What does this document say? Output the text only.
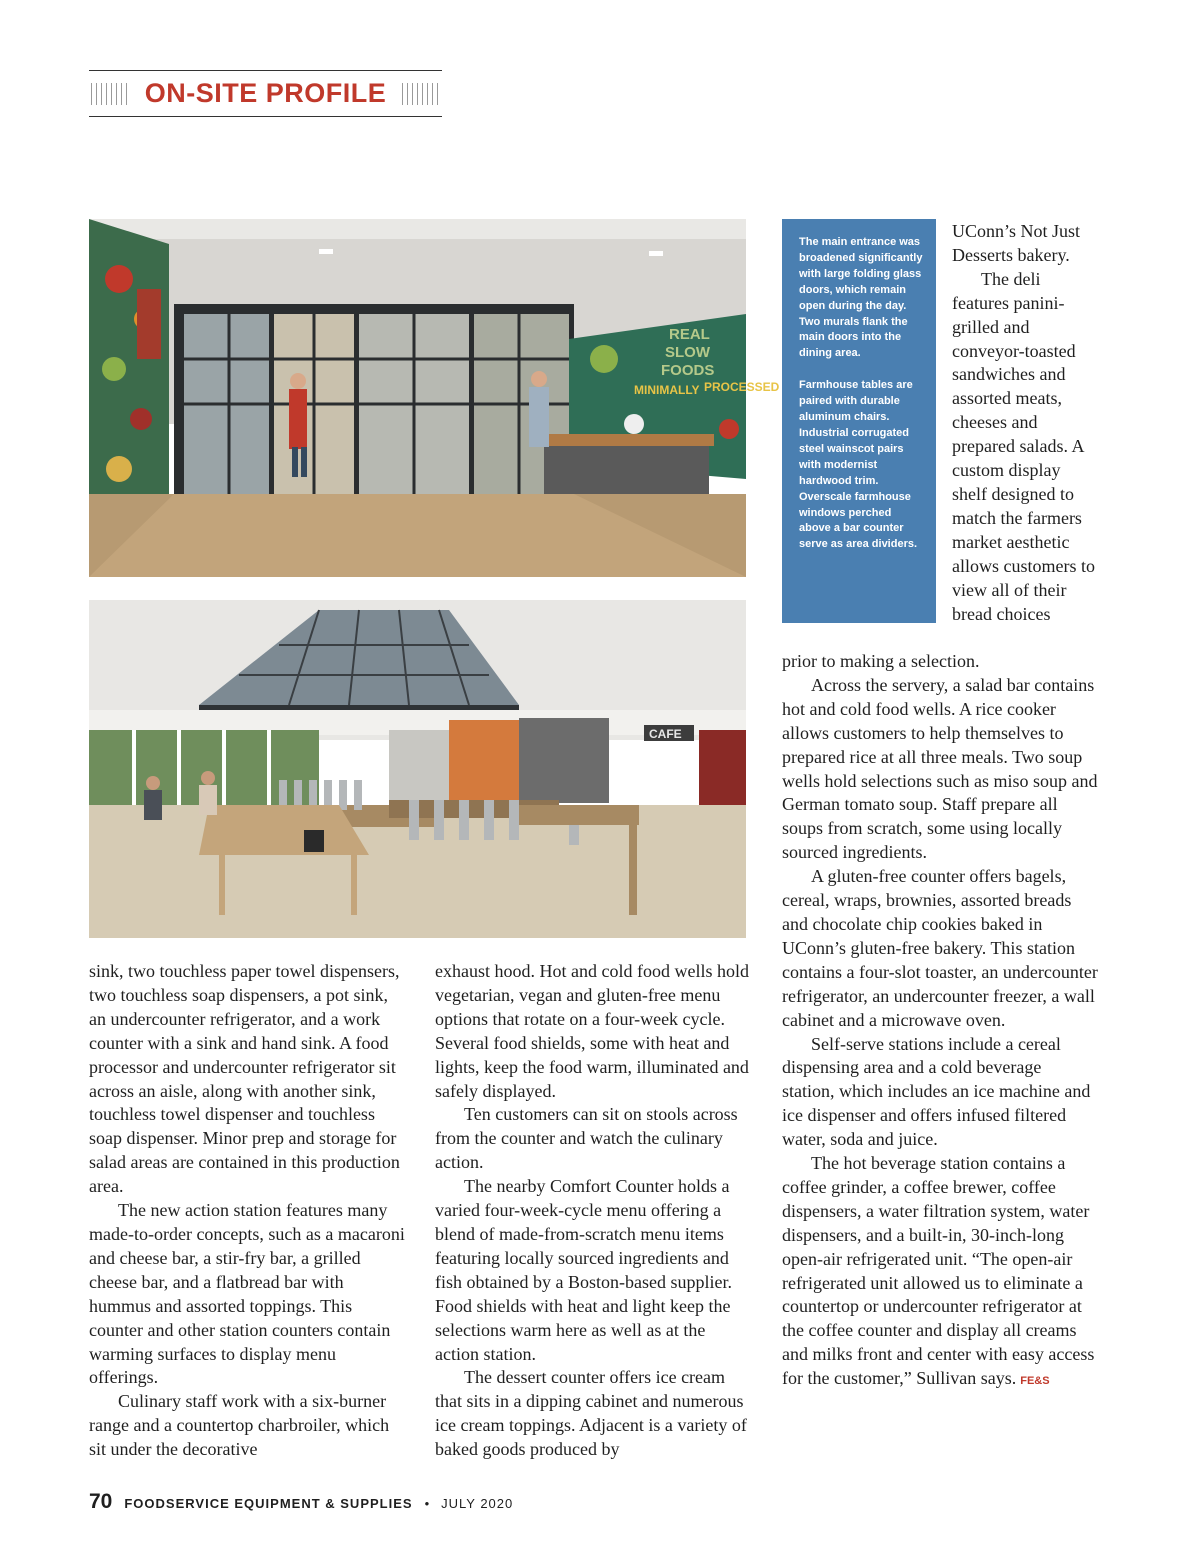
ON-SITE PROFILE
REAL
SLOW
FOODS
MINIMALLY PROCESSED
CAFE

The main entrance was broadened significantly with large folding glass doors, which remain open during the day. Two murals flank the main doors into the dining area.

Farmhouse tables are paired with durable aluminum chairs. Industrial corrugated steel wainscot pairs with modernist hardwood trim. Overscale farmhouse windows perched above a bar counter serve as area dividers.

sink, two touchless paper towel dispensers, two touchless soap dispensers, a pot sink, an undercounter refrigerator, and a work counter with a sink and hand sink. A food processor and undercounter refrigerator sit across an aisle, along with another sink, touchless towel dispenser and touchless soap dispenser. Minor prep and storage for salad areas are contained in this production area.

The new action station features many made-to-order concepts, such as a macaroni and cheese bar, a stir-fry bar, a grilled cheese bar, and a flatbread bar with hummus and assorted toppings. This counter and other station counters contain warming surfaces to display menu offerings.

Culinary staff work with a six-burner range and a countertop charbroiler, which sit under the decorative

exhaust hood. Hot and cold food wells hold vegetarian, vegan and gluten-free menu options that rotate on a four-week cycle. Several food shields, some with heat and lights, keep the food warm, illuminated and safely displayed.

Ten customers can sit on stools across from the counter and watch the culinary action.

The nearby Comfort Counter holds a varied four-week-cycle menu offering a blend of made-from-scratch menu items featuring locally sourced ingredients and fish obtained by a Boston-based supplier. Food shields with heat and light keep the selections warm here as well as at the action station.

The dessert counter offers ice cream that sits in a dipping cabinet and numerous ice cream toppings. Adjacent is a variety of baked goods produced by

UConn’s Not Just Desserts bakery.

The deli features panini-grilled and conveyor-toasted sandwiches and assorted meats, cheeses and prepared salads. A custom display shelf designed to match the farmers market aesthetic allows customers to view all of their bread choices

prior to making a selection.

Across the servery, a salad bar contains hot and cold food wells. A rice cooker allows customers to help themselves to prepared rice at all three meals. Two soup wells hold selections such as miso soup and German tomato soup. Staff prepare all soups from scratch, some using locally sourced ingredients.

A gluten-free counter offers bagels, cereal, wraps, brownies, assorted breads and chocolate chip cookies baked in UConn’s gluten-free bakery. This station contains a four-slot toaster, an undercounter refrigerator, an undercounter freezer, a wall cabinet and a microwave oven.

Self-serve stations include a cereal dispensing area and a cold beverage station, which includes an ice machine and ice dispenser and offers infused filtered water, soda and juice.

The hot beverage station contains a coffee grinder, a coffee brewer, coffee dispensers, a water filtration system, water dispensers, and a built-in, 30-inch-long open-air refrigerated unit. “The open-air refrigerated unit allowed us to eliminate a countertop or undercounter refrigerator at the coffee counter and display all creams and milks front and center with easy access for the customer,” Sullivan says. FE&S

70 FOODSERVICE EQUIPMENT & SUPPLIES • JULY 2020
